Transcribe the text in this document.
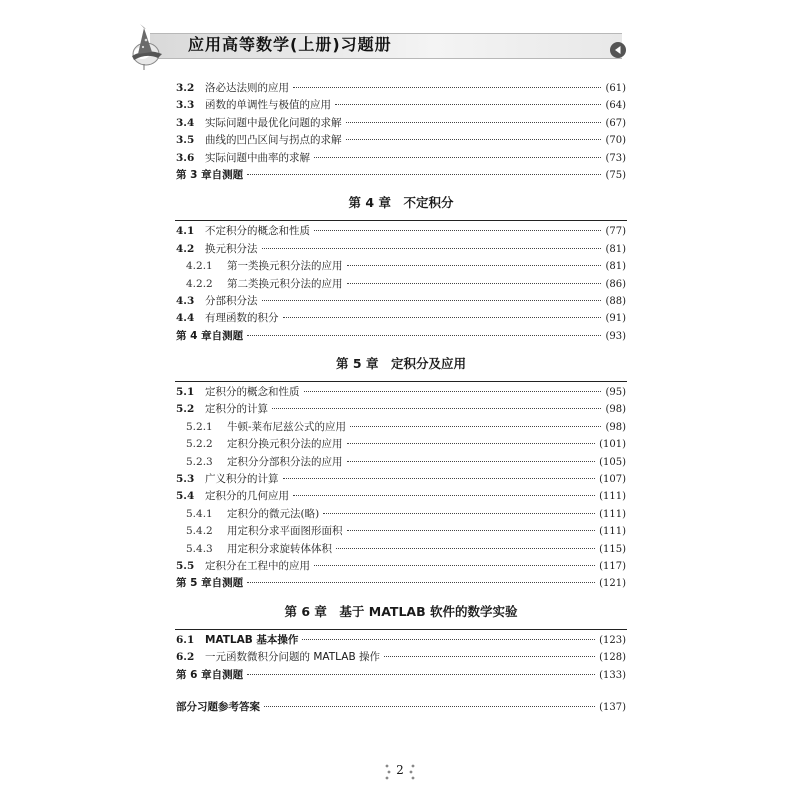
应用高等数学(上册)习题册
3.2	洛必达法则的应用	(61)
3.3	函数的单调性与极值的应用	(64)
3.4	实际问题中最优化问题的求解	(67)
3.5	曲线的凹凸区间与拐点的求解	(70)
3.6	实际问题中曲率的求解	(73)
第 3 章自测题	(75)
第 4 章　不定积分
4.1	不定积分的概念和性质	(77)
4.2	换元积分法	(81)
4.2.1	第一类换元积分法的应用	(81)
4.2.2	第二类换元积分法的应用	(86)
4.3	分部积分法	(88)
4.4	有理函数的积分	(91)
第 4 章自测题	(93)
第 5 章　定积分及应用
5.1	定积分的概念和性质	(95)
5.2	定积分的计算	(98)
5.2.1	牛顿-莱布尼兹公式的应用	(98)
5.2.2	定积分换元积分法的应用	(101)
5.2.3	定积分分部积分法的应用	(105)
5.3	广义积分的计算	(107)
5.4	定积分的几何应用	(111)
5.4.1	定积分的微元法(略)	(111)
5.4.2	用定积分求平面图形面积	(111)
5.4.3	用定积分求旋转体体积	(115)
5.5	定积分在工程中的应用	(117)
第 5 章自测题	(121)
第 6 章　基于 MATLAB 软件的数学实验
6.1	MATLAB 基本操作	(123)
6.2	一元函数微积分问题的 MATLAB 操作	(128)
第 6 章自测题	(133)
部分习题参考答案	(137)
2
